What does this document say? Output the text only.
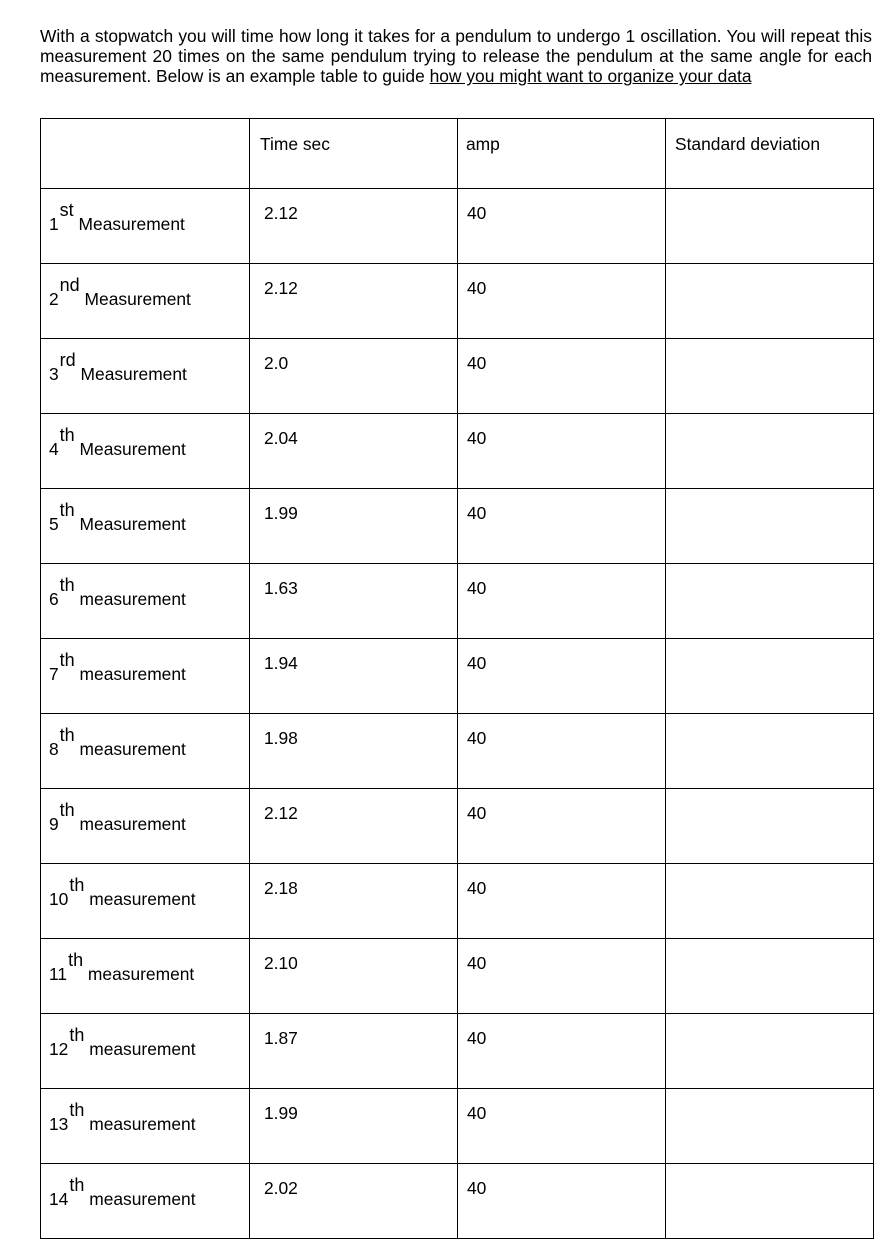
With a stopwatch you will time how long it takes for a pendulum to undergo 1 oscillation. You will repeat this measurement 20 times on the same pendulum trying to release the pendulum at the same angle for each measurement. Below is an example table to guide how you might want to organize your data

	Time sec	amp	Standard deviation

1st Measurement	2.12	40	

2nd Measurement	2.12	40	

3rd Measurement	2.0	40	

4th Measurement	2.04	40	

5th Measurement	1.99	40	

6th measurement	1.63	40	

7th measurement	1.94	40	

8th measurement	1.98	40	

9th measurement	2.12	40	

10th measurement	2.18	40	

11th measurement	2.10	40	

12th measurement	1.87	40	

13th measurement	1.99	40	

14th measurement	2.02	40	
